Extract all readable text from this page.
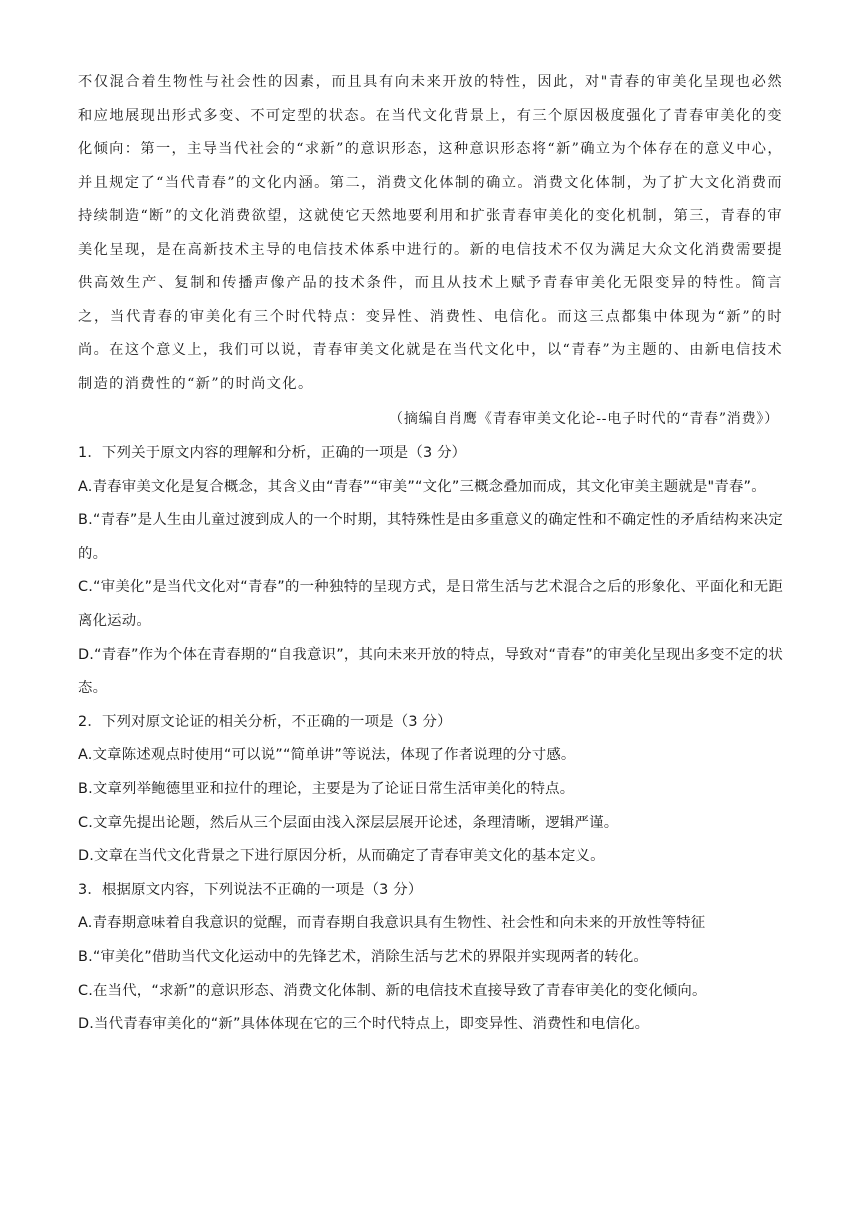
不仅混合着生物性与社会性的因素，而且具有向未来开放的特性，因此，对"青春的审美化呈现也必然和应地展现出形式多变、不可定型的状态。在当代文化背景上，有三个原因极度强化了青春审美化的变化倾向：第一，主导当代社会的“求新”的意识形态，这种意识形态将“新”确立为个体存在的意义中心，并且规定了“当代青春”的文化内涵。第二，消费文化体制的确立。消费文化体制，为了扩大文化消费而持续制造“断”的文化消费欲望，这就使它天然地要利用和扩张青春审美化的变化机制，第三，青春的审美化呈现，是在高新技术主导的电信技术体系中进行的。新的电信技术不仅为满足大众文化消费需要提供高效生产、复制和传播声像产品的技术条件，而且从技术上赋予青春审美化无限变异的特性。简言之，当代青春的审美化有三个时代特点：变异性、消费性、电信化。而这三点都集中体现为“新”的时尚。在这个意义上，我们可以说，青春审美文化就是在当代文化中，以“青春”为主题的、由新电信技术制造的消费性的“新”的时尚文化。

（摘编自肖鹰《青春审美文化论--电子时代的“青春”消费》）

1．下列关于原文内容的理解和分析，正确的一项是（3 分）

A.青春审美文化是复合概念，其含义由“青春”“审美”“文化”三概念叠加而成，其文化审美主题就是"青春”。

B.“青春”是人生由儿童过渡到成人的一个时期，其特殊性是由多重意义的确定性和不确定性的矛盾结构来决定的。

C.“审美化”是当代文化对“青春”的一种独特的呈现方式，是日常生活与艺术混合之后的形象化、平面化和无距离化运动。

D.“青春”作为个体在青春期的“自我意识”，其向未来开放的特点，导致对“青春”的审美化呈现出多变不定的状态。

2．下列对原文论证的相关分析，不正确的一项是（3 分）

A.文章陈述观点时使用“可以说”“简单讲”等说法，体现了作者说理的分寸感。

B.文章列举鲍德里亚和拉什的理论，主要是为了论证日常生活审美化的特点。

C.文章先提出论题，然后从三个层面由浅入深层层展开论述，条理清晰，逻辑严谨。

D.文章在当代文化背景之下进行原因分析，从而确定了青春审美文化的基本定义。

3．根据原文内容，下列说法不正确的一项是（3 分）

A.青春期意味着自我意识的觉醒，而青春期自我意识具有生物性、社会性和向未来的开放性等特征

B.“审美化”借助当代文化运动中的先锋艺术，消除生活与艺术的界限并实现两者的转化。

C.在当代，“求新”的意识形态、消费文化体制、新的电信技术直接导致了青春审美化的变化倾向。

D.当代青春审美化的“新”具体体现在它的三个时代特点上，即变异性、消费性和电信化。
